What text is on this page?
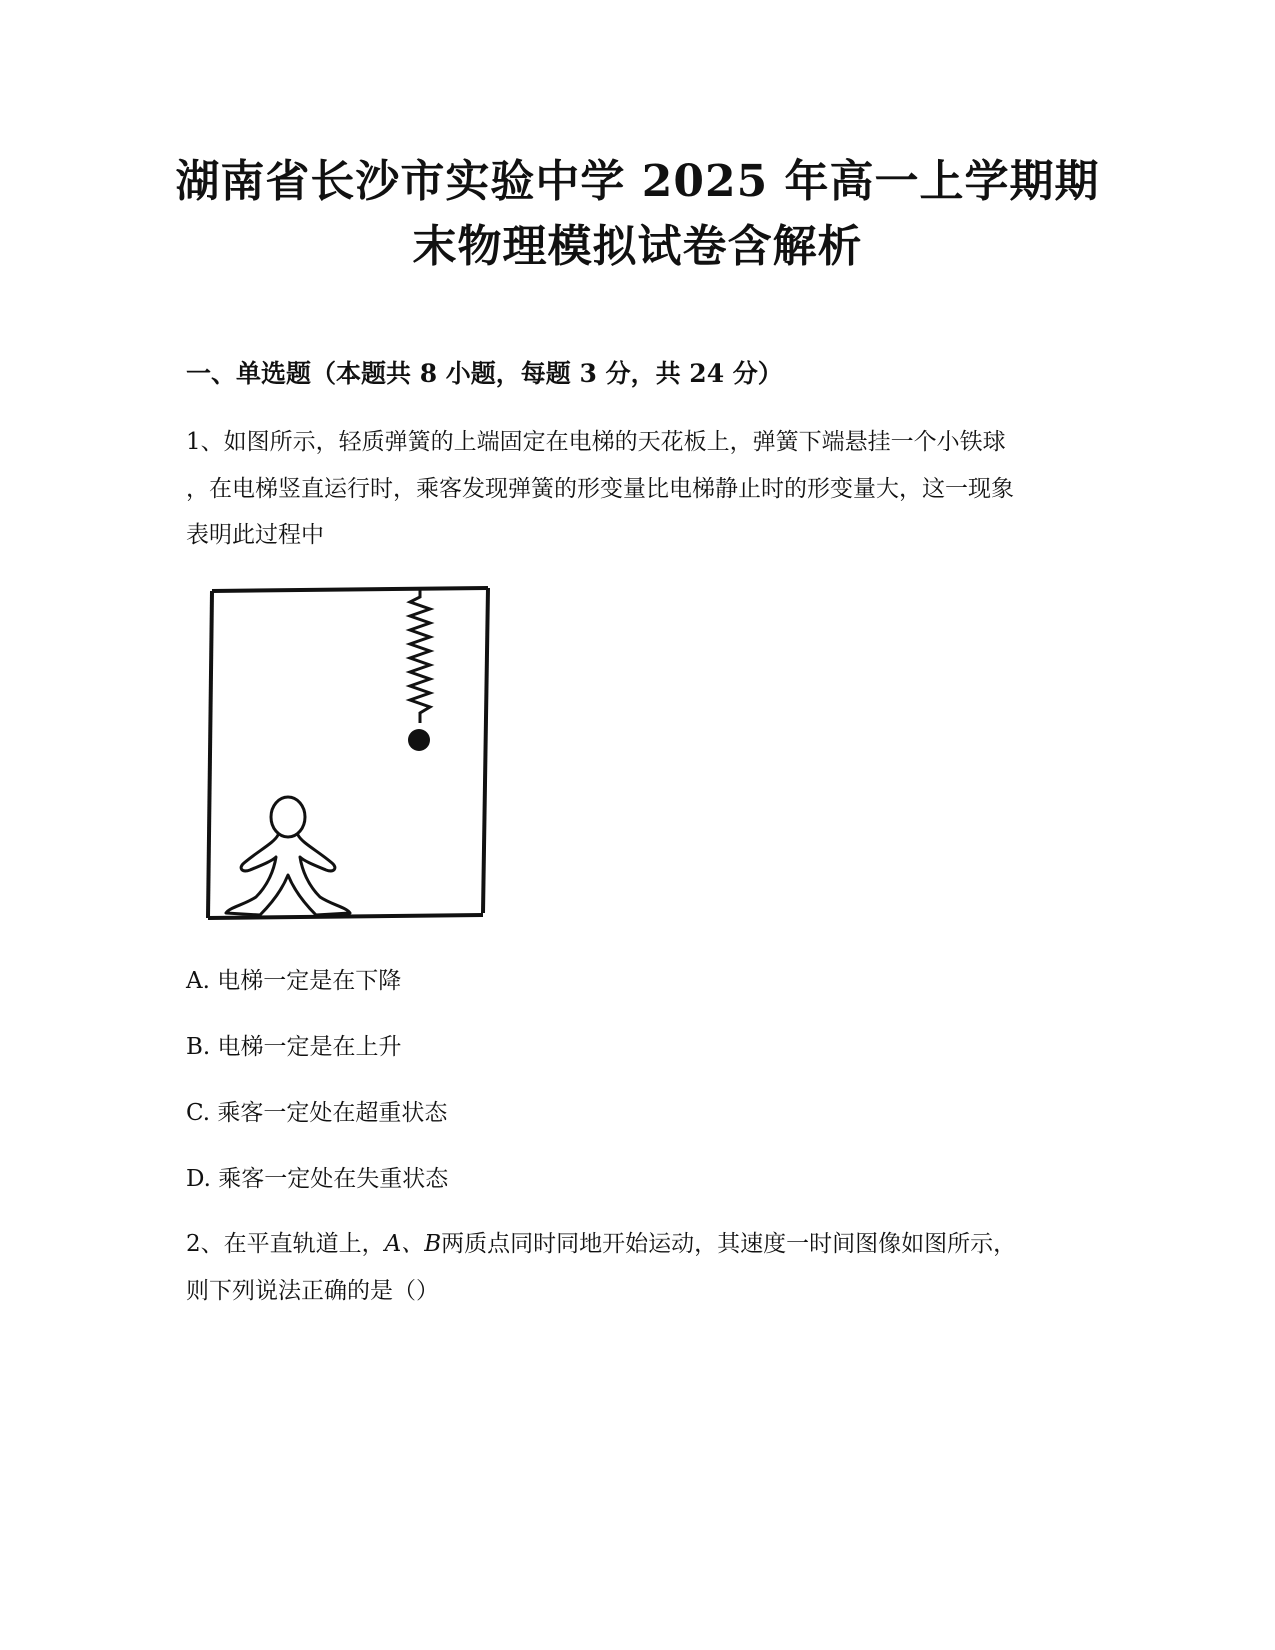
湖南省长沙市实验中学 2025 年高一上学期期
末物理模拟试卷含解析
一、单选题（本题共 8 小题，每题 3 分，共 24 分）
1、如图所示，轻质弹簧的上端固定在电梯的天花板上，弹簧下端悬挂一个小铁球
，在电梯竖直运行时，乘客发现弹簧的形变量比电梯静止时的形变量大，这一现象
表明此过程中
A. 电梯一定是在下降
B. 电梯一定是在上升
C. 乘客一定处在超重状态
D. 乘客一定处在失重状态
2、在平直轨道上，A、B两质点同时同地开始运动，其速度一时间图像如图所示，
则下列说法正确的是（）
